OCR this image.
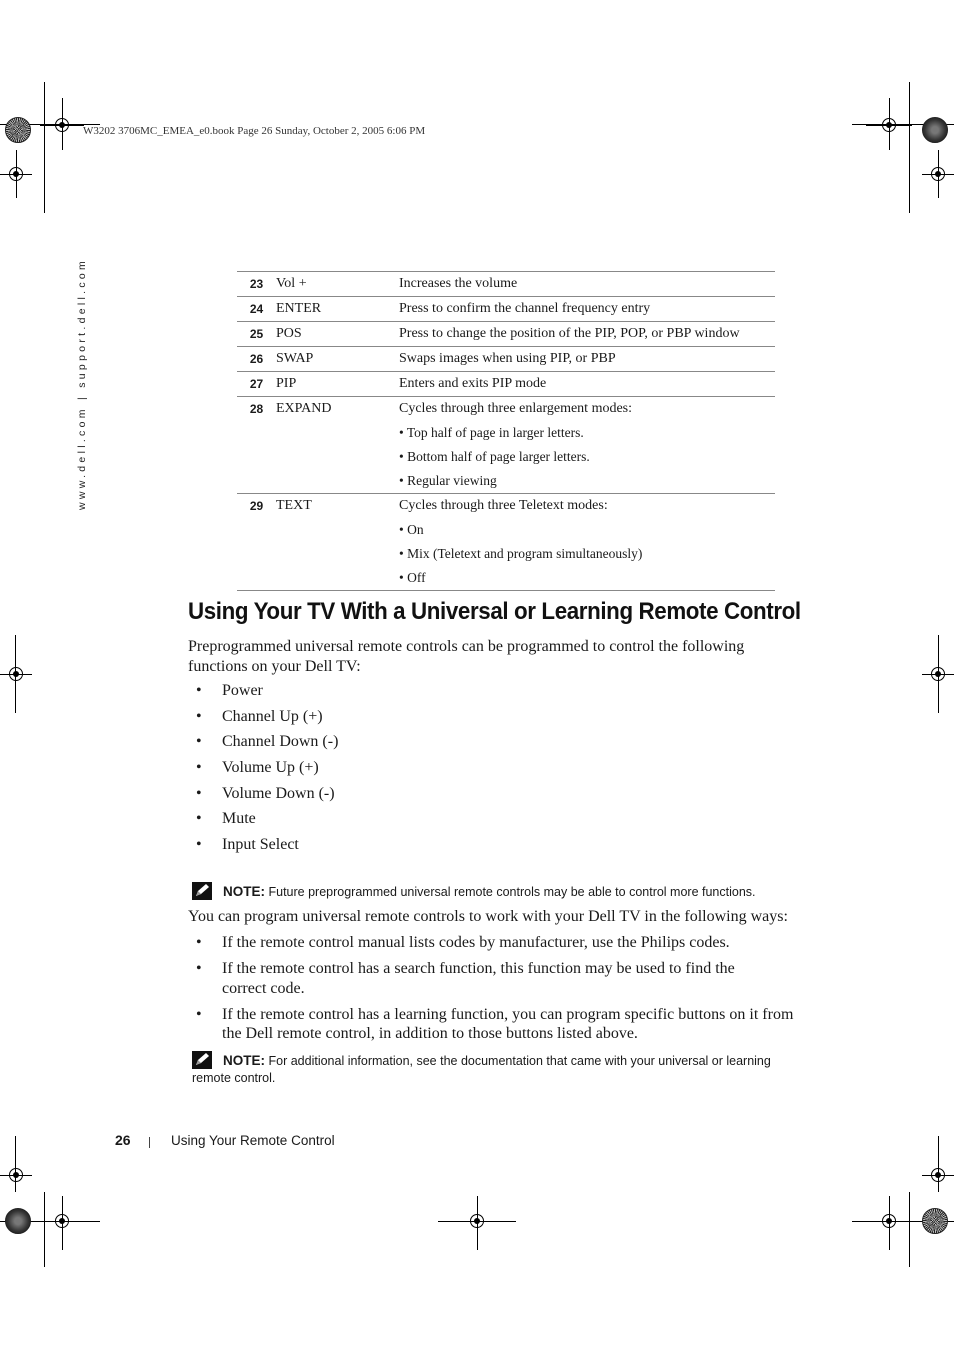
W3202 3706MC_EMEA_e0.book Page 26 Sunday, October 2, 2005 6:06 PM
www.dell.com | support.dell.com	23	Vol +	Increases the volume

24	ENTER	Press to confirm the channel frequency entry

25	POS	Press to change the position of the PIP, POP, or PBP window

26	SWAP	Swaps images when using PIP, or PBP

27	PIP	Enters and exits PIP mode

28	EXPAND	Cycles through three enlargement modes:
• Top half of page in larger letters.
• Bottom half of page larger letters.
• Regular viewing

29	TEXT	Cycles through three Teletext modes:
• On
• Mix (Teletext and program simultaneously)
• Off
Using Your TV With a Universal or Learning Remote Control

Preprogrammed universal remote controls can be programmed to control the following functions on your Dell TV:

• Power
• Channel Up (+)
• Channel Down (-)
• Volume Up (+)
• Volume Down (-)
• Mute
• Input Select
NOTE: Future preprogrammed universal remote controls may be able to control more functions.

You can program universal remote controls to work with your Dell TV in the following ways:

• If the remote control manual lists codes by manufacturer, use the Philips codes.
• If the remote control has a search function, this function may be used to find the correct code.
• If the remote control has a learning function, you can program specific buttons on it from the Dell remote control, in addition to those buttons listed above.
NOTE: For additional information, see the documentation that came with your universal or learning remote control.
26	Using Your Remote Control
